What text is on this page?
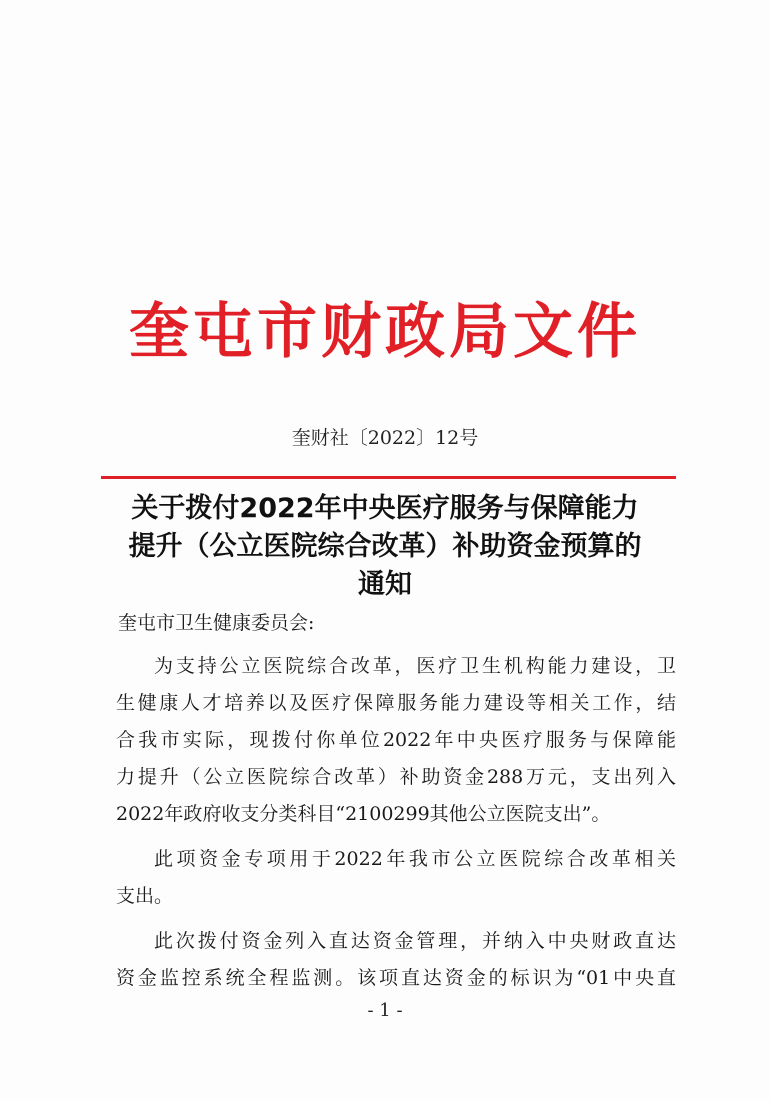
奎屯市财政局文件
奎财社〔2022〕12号
关于拨付2022年中央医疗服务与保障能力
提升（公立医院综合改革）补助资金预算的
通知
奎屯市卫生健康委员会:
为支持公立医院综合改革，医疗卫生机构能力建设，卫
生健康人才培养以及医疗保障服务能力建设等相关工作，结
合我市实际，现拨付你单位2022年中央医疗服务与保障能
力提升（公立医院综合改革）补助资金288万元，支出列入
2022年政府收支分类科目“2100299其他公立医院支出”。
此项资金专项用于2022年我市公立医院综合改革相关
支出。
此次拨付资金列入直达资金管理，并纳入中央财政直达
资金监控系统全程监测。该项直达资金的标识为“01中央直
- 1 -
